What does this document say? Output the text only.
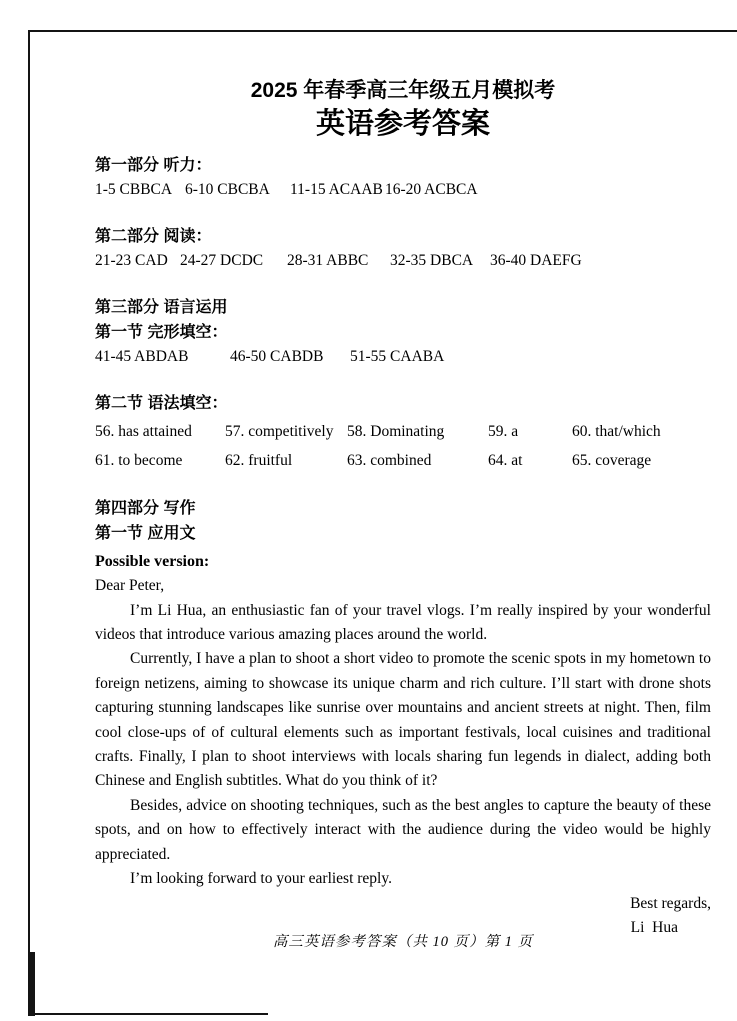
2025 年春季高三年级五月模拟考
英语参考答案

第一部分 听力：

1-5 CBBCA 6-10 CBCBA	11-15 ACAAB 16-20 ACBCA

第二部分 阅读：

21-23 CAD 24-27 DCDC	28-31 ABBC	32-35 DBCA	36-40 DAEFG

第三部分 语言运用

第一节 完形填空：

41-45 ABDAB	46-50 CABDB	51-55 CAABA

第二节 语法填空：

56. has attained	57. competitively 58. Dominating	59. a	60. that/which
61. to become	62. fruitful	63. combined	64. at	65. coverage

第四部分 写作

第一节 应用文

Possible version:

Dear Peter,

I’m Li Hua, an enthusiastic fan of your travel vlogs. I’m really inspired by your wonderful videos that introduce various amazing places around the world.

Currently, I have a plan to shoot a short video to promote the scenic spots in my hometown to foreign netizens, aiming to showcase its unique charm and rich culture. I’ll start with drone shots capturing stunning landscapes like sunrise over mountains and ancient streets at night. Then, film cool close-ups of of cultural elements such as important festivals, local cuisines and traditional crafts. Finally, I plan to shoot interviews with locals sharing fun legends in dialect, adding both Chinese and English subtitles. What do you think of it?

Besides, advice on shooting techniques, such as the best angles to capture the beauty of these spots, and on how to effectively interact with the audience during the video would be highly appreciated.

I’m looking forward to your earliest reply.

Best regards,

Li  Hua

高三英语参考答案（共 10 页）第 1 页
